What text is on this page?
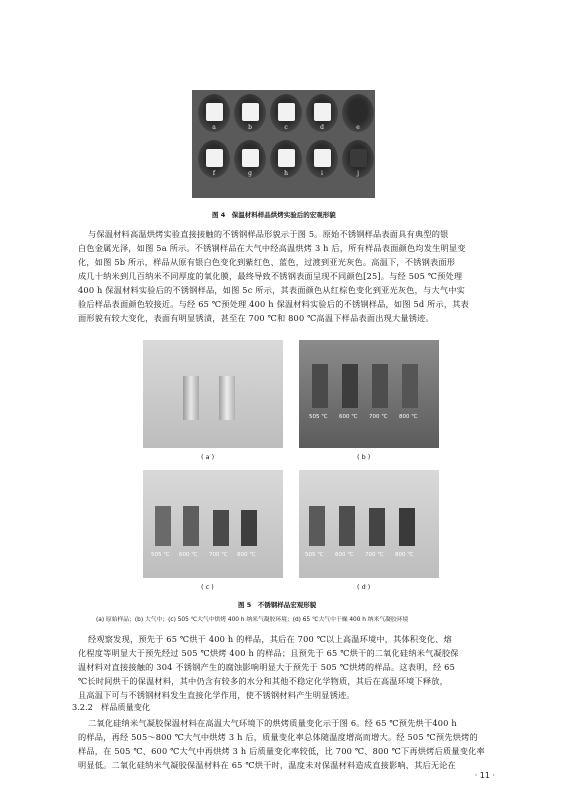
a	b	c	d	e
f	g	h	i	j
图 4　保温材料样品烘烤实验后的宏观形貌
与保温材料高温烘烤实验直接接触的不锈钢样品形貌示于图 5。原始不锈钢样品表面具有典型的银
白色金属光泽，如图 5a 所示。不锈钢样品在大气中经高温烘烤 3 h 后，所有样品表面颜色均发生明显变
化，如图 5b 所示，样品从原有银白色变化到紫红色、蓝色，过渡到亚光灰色。高温下，不锈钢表面形
成几十纳米到几百纳米不同厚度的氧化膜，最终导致不锈钢表面呈现不同颜色[25]。与经 505 ℃预处理
400 h 保温材料实验后的不锈钢样品，如图 5c 所示，其表面颜色从红棕色变化到亚光灰色，与大气中实
验后样品表面颜色较接近。与经 65 ℃预处理 400 h 保温材料实验后的不锈钢样品，如图 5d 所示，其表
面形貌有较大变化，表面有明显锈渍，甚至在 700 ℃和 800 ℃高温下样品表面出现大量锈迹。
505 ℃ 600 ℃ 700 ℃ 800 ℃
( a )	( b )
505 ℃ 600 ℃ 700 ℃ 800 ℃	505 ℃ 600 ℃ 700 ℃ 800 ℃
( c )	( d )
图 5　不锈钢样品宏观形貌
(a) 原始样品；(b) 大气中；(c) 505 ℃大气中烘烤 400 h 纳米气凝胶环境；(d) 65 ℃大气中干燥 400 h 纳米气凝胶环境
经观察发现，预先于 65 ℃烘干 400 h 的样品，其后在 700 ℃以上高温环境中，其体积变化、熔
化程度等明显大于预先经过 505 ℃烘烤 400 h 的样品；且预先于 65 ℃烘干的二氧化硅纳米气凝胶保
温材料对直接接触的 304 不锈钢产生的腐蚀影响明显大于预先于 505 ℃烘烤的样品。这表明，经 65
℃长时间烘干的保温材料，其中仍含有较多的水分和其他不稳定化学物质，其后在高温环境下释放，
且高温下可与不锈钢材料发生直接化学作用，使不锈钢材料产生明显锈迹。
3.2.2　样品质量变化
二氧化硅纳米气凝胶保温材料在高温大气环境下的烘烤质量变化示于图 6。经 65 ℃预先烘干400 h
的样品，再经 505～800 ℃大气中烘烤 3 h 后，质量变化率总体随温度增高而增大。经 505 ℃预先烘烤的
样品，在 505 ℃、600 ℃大气中再烘烤 3 h 后质量变化率较低，比 700 ℃、800 ℃下再烘烤后质量变化率
明显低。二氧化硅纳米气凝胶保温材料在 65 ℃烘干时，温度未对保温材料造成直接影响，其后无论在
· 11 ·
